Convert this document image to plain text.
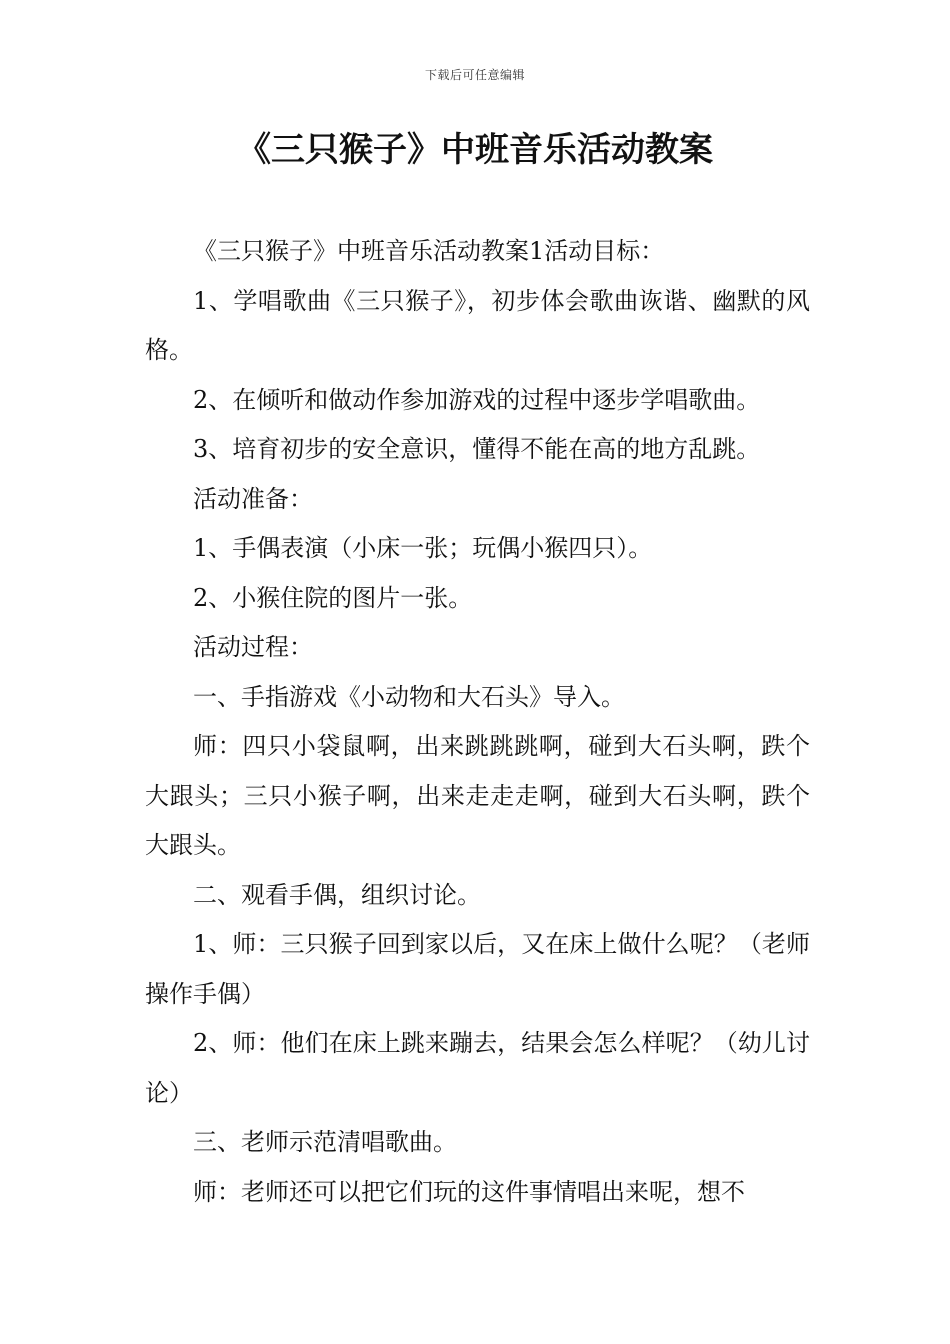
下载后可任意编辑
《三只猴子》中班音乐活动教案

《三只猴子》中班音乐活动教案1活动目标：

1、学唱歌曲《三只猴子》，初步体会歌曲诙谐、幽默的风格。

2、在倾听和做动作参加游戏的过程中逐步学唱歌曲。

3、培育初步的安全意识，懂得不能在高的地方乱跳。

活动准备：

1、手偶表演（小床一张；玩偶小猴四只）。

2、小猴住院的图片一张。

活动过程：

一、手指游戏《小动物和大石头》导入。

师：四只小袋鼠啊，出来跳跳跳啊，碰到大石头啊，跌个大跟头；三只小猴子啊，出来走走走啊，碰到大石头啊，跌个大跟头。

二、观看手偶，组织讨论。

1、师：三只猴子回到家以后，又在床上做什么呢？（老师操作手偶）

2、师：他们在床上跳来蹦去，结果会怎么样呢？（幼儿讨论）

三、老师示范清唱歌曲。

师：老师还可以把它们玩的这件事情唱出来呢，想不
